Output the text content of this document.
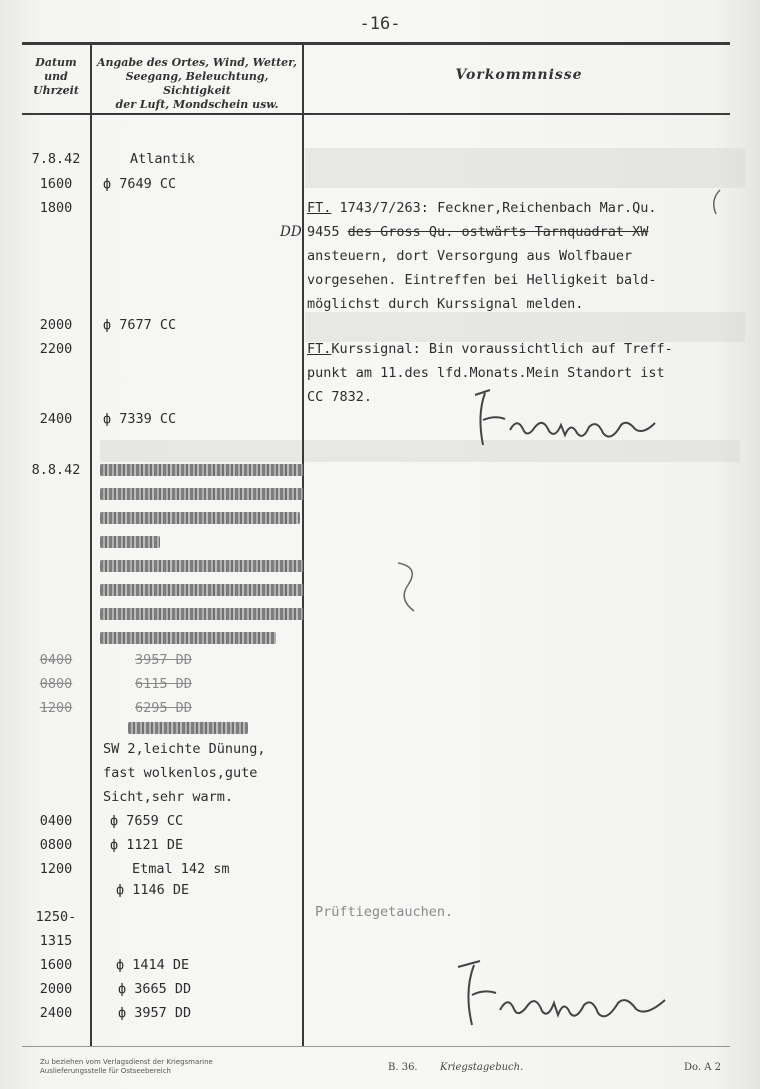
-16-
Datum
und
Uhrzeit
Angabe des Ortes, Wind, Wetter,
Seegang, Beleuchtung, Sichtigkeit
der Luft, Mondschein usw.
Vorkommnisse
7.8.42
1600
1800
2000
2200
2400
8.8.42
0400
0800
1200
0400
0800
1200
1250-
1315
1600
2000
2400
Atlantik
ф 7649 CC
ф 7677 CC
ф 7339 CC
3957 DD
6115 DD
6295 DD
SW 2,leichte Dünung,
fast wolkenlos,gute
Sicht,sehr warm.
ф 7659 CC
ф 1121 DE
Etmal 142 sm
ф 1146 DE
ф 1414 DE
ф 3665 DD
ф 3957 DD
FT. 1743/7/263: Feckner,Reichenbach Mar.Qu.
DD 9455 des Gross Qu. ostwärts Tarnquadrat XW
ansteuern, dort Versorgung aus Wolfbauer
vorgesehen. Eintreffen bei Helligkeit bald-
möglichst durch Kurssignal melden.
FT.Kurssignal: Bin voraussichtlich auf Treff-
punkt am 11.des lfd.Monats.Mein Standort ist
CC 7832.
Prüftiegetauchen.
Zu beziehen vom Verlagsdienst der Kriegsmarine
Auslieferungsstelle für Ostseebereich	B. 36. Kriegstagebuch.	Do. A 2
